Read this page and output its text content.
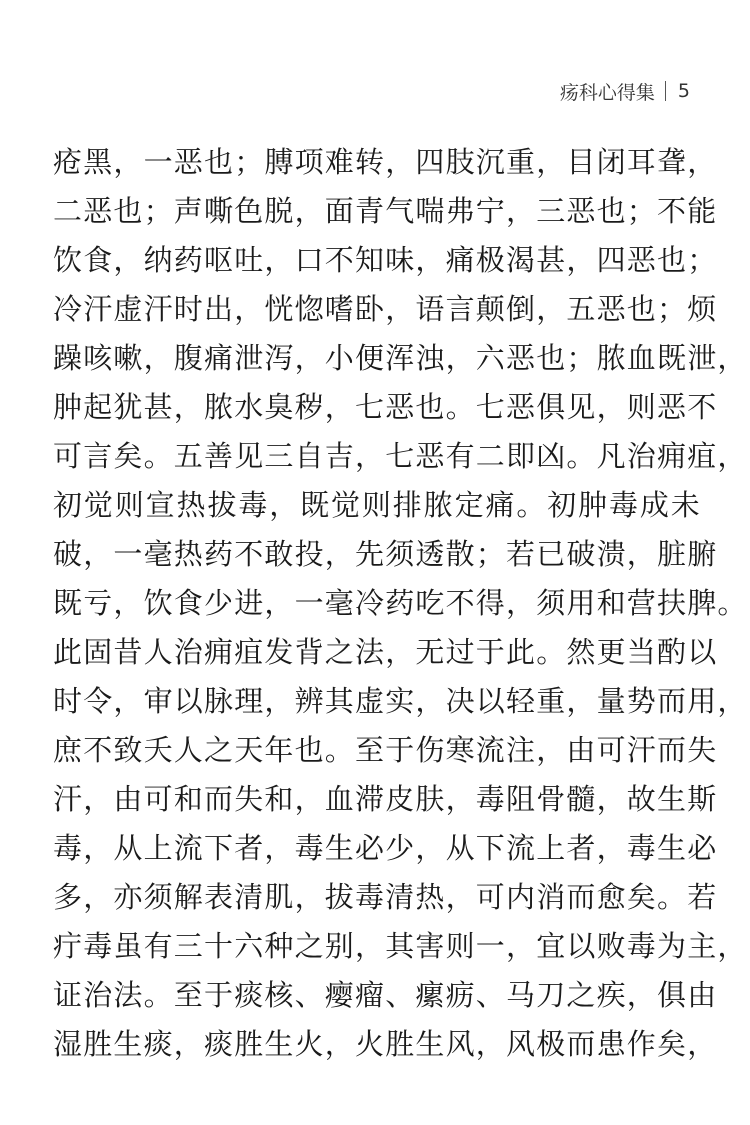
疡科心得集 5
疮黑，一恶也；膊项难转，四肢沉重，目闭耳聋，
二恶也；声嘶色脱，面青气喘弗宁，三恶也；不能
饮食，纳药呕吐，口不知味，痛极渴甚，四恶也；
冷汗虚汗时出，恍惚嗜卧，语言颠倒，五恶也；烦
躁咳嗽，腹痛泄泻，小便浑浊，六恶也；脓血既泄，
肿起犹甚，脓水臭秽，七恶也。七恶俱见，则恶不
可言矣。五善见三自吉，七恶有二即凶。凡治痈疽，
初觉则宣热拔毒，既觉则排脓定痛。初肿毒成未
破，一毫热药不敢投，先须透散；若已破溃，脏腑
既亏，饮食少进，一毫冷药吃不得，须用和营扶脾。
此固昔人治痈疽发背之法，无过于此。然更当酌以
时令，审以脉理，辨其虚实，决以轻重，量势而用，
庶不致夭人之天年也。至于伤寒流注，由可汗而失
汗，由可和而失和，血滞皮肤，毒阻骨髓，故生斯
毒，从上流下者，毒生必少，从下流上者，毒生必
多，亦须解表清肌，拔毒清热，可内消而愈矣。若
疔毒虽有三十六种之别，其害则一，宜以败毒为主，
证治法。至于痰核、瘿瘤、瘰疬、马刀之疾，俱由
湿胜生痰，痰胜生火，火胜生风，风极而患作矣，
